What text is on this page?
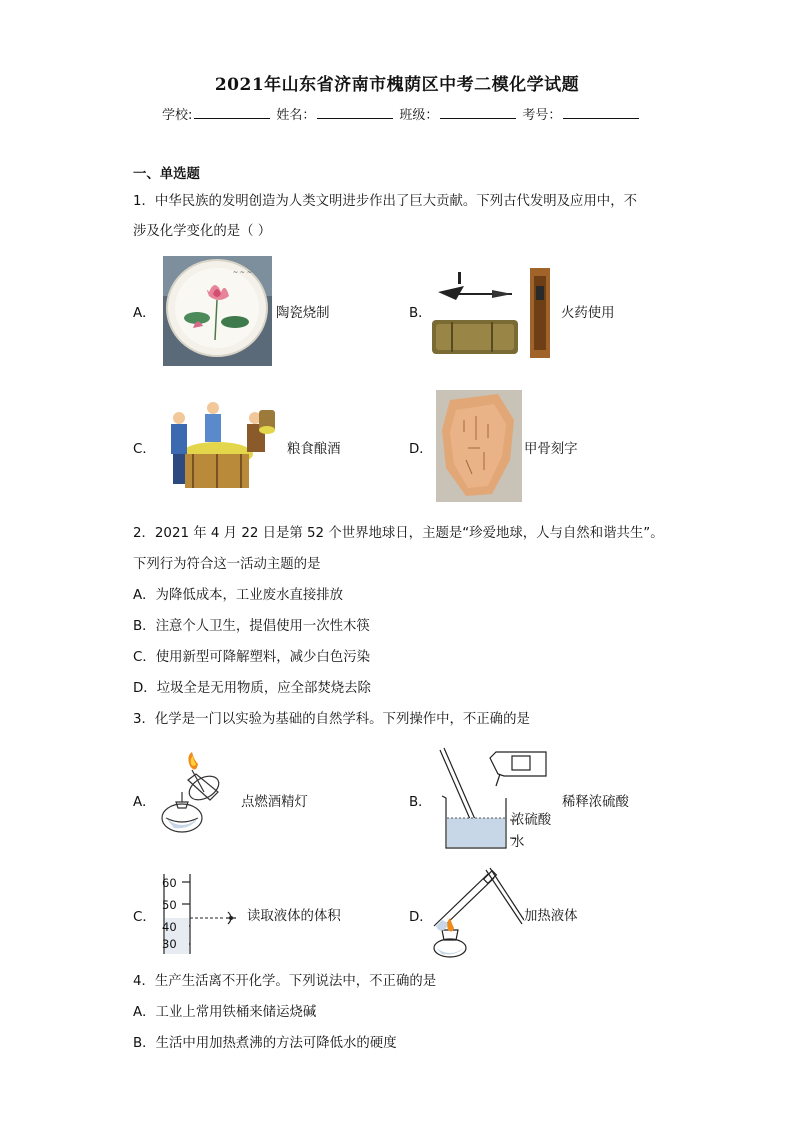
2021年山东省济南市槐荫区中考二模化学试题
学校:	姓名：	班级：	考号：
一、单选题
1．中华民族的发明创造为人类文明进步作出了巨大贡献。下列古代发明及应用中，不
涉及化学变化的是（ ）
A．
~ ~ ~
陶瓷烧制	B．	火药使用
C．	粮食酿酒	D．	甲骨刻字
2．2021 年 4 月 22 日是第 52 个世界地球日，主题是“珍爱地球，人与自然和谐共生”。
下列行为符合这一活动主题的是
A．为降低成本，工业废水直接排放
B．注意个人卫生，提倡使用一次性木筷
C．使用新型可降解塑料，减少白色污染
D．垃圾全是无用物质，应全部焚烧去除
3．化学是一门以实验为基础的自然学科。下列操作中，不正确的是
A．	点燃酒精灯	B．	稀释浓硫酸
浓硫酸
水
C．
60
50
40
30
读取液体的体积	D．	加热液体
4．生产生活离不开化学。下列说法中，不正确的是
A．工业上常用铁桶来储运烧碱
B．生活中用加热煮沸的方法可降低水的硬度
